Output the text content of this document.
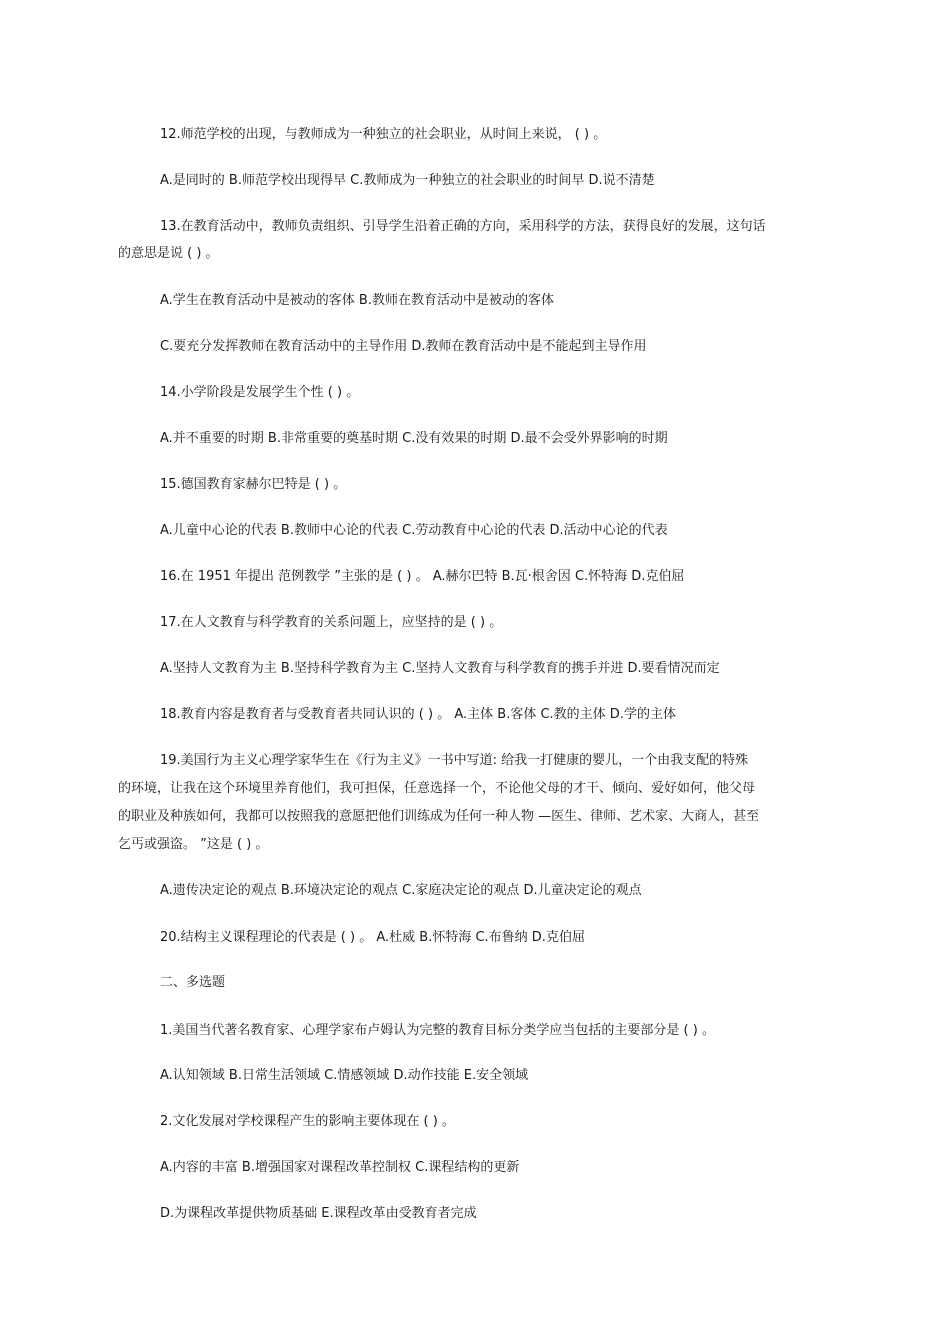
12.师范学校的出现，与教师成为一种独立的社会职业，从时间上来说， ( ) 。

A.是同时的 B.师范学校出现得早 C.教师成为一种独立的社会职业的时间早 D.说不清楚

13.在教育活动中，教师负责组织、引导学生沿着正确的方向，采用科学的方法，获得良好的发展，这句话

的意思是说 ( ) 。

A.学生在教育活动中是被动的客体 B.教师在教育活动中是被动的客体

C.要充分发挥教师在教育活动中的主导作用 D.教师在教育活动中是不能起到主导作用

14.小学阶段是发展学生个性 ( ) 。

A.并不重要的时期 B.非常重要的奠基时期 C.没有效果的时期 D.最不会受外界影响的时期

15.德国教育家赫尔巴特是 ( ) 。

A.儿童中心论的代表 B.教师中心论的代表 C.劳动教育中心论的代表 D.活动中心论的代表

16.在 1951 年提出 范例教学 ”主张的是 ( ) 。 A.赫尔巴特 B.瓦·根舍因 C.怀特海 D.克伯屈

17.在人文教育与科学教育的关系问题上，应坚持的是 ( ) 。

A.坚持人文教育为主 B.坚持科学教育为主 C.坚持人文教育与科学教育的携手并进 D.要看情况而定

18.教育内容是教育者与受教育者共同认识的 ( ) 。 A.主体 B.客体 C.教的主体 D.学的主体

19.美国行为主义心理学家华生在《行为主义》一书中写道: 给我一打健康的婴儿，一个由我支配的特殊

的环境，让我在这个环境里养育他们，我可担保，任意选择一个，不论他父母的才干、倾向、爱好如何，他父母

的职业及种族如何，我都可以按照我的意愿把他们训练成为任何一种人物 —医生、律师、艺术家、大商人，甚至

乞丐或强盗。 ”这是 ( ) 。

A.遗传决定论的观点 B.环境决定论的观点 C.家庭决定论的观点 D.儿童决定论的观点

20.结构主义课程理论的代表是 ( ) 。 A.杜威 B.怀特海 C.布鲁纳 D.克伯屈

二、多选题

1.美国当代著名教育家、心理学家布卢姆认为完整的教育目标分类学应当包括的主要部分是 ( ) 。

A.认知领域 B.日常生活领域 C.情感领域 D.动作技能 E.安全领域

2.文化发展对学校课程产生的影响主要体现在 ( ) 。

A.内容的丰富 B.增强国家对课程改革控制权 C.课程结构的更新

D.为课程改革提供物质基础 E.课程改革由受教育者完成
